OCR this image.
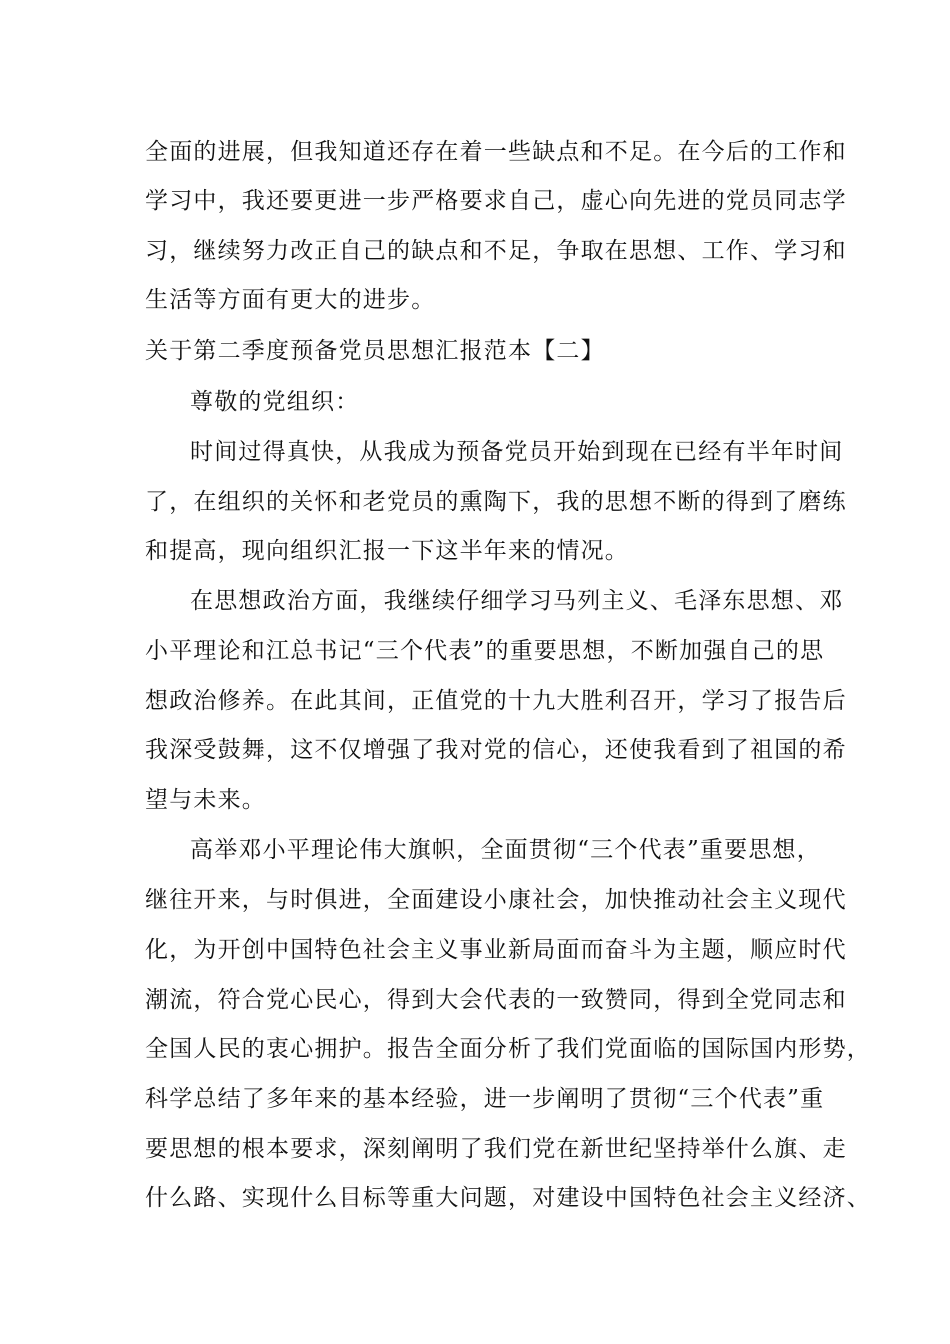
全面的进展，但我知道还存在着一些缺点和不足。在今后的工作和
学习中，我还要更进一步严格要求自己，虚心向先进的党员同志学
习，继续努力改正自己的缺点和不足，争取在思想、工作、学习和
生活等方面有更大的进步。
关于第二季度预备党员思想汇报范本【二】
尊敬的党组织：
时间过得真快，从我成为预备党员开始到现在已经有半年时间
了，在组织的关怀和老党员的熏陶下，我的思想不断的得到了磨练
和提高，现向组织汇报一下这半年来的情况。
在思想政治方面，我继续仔细学习马列主义、毛泽东思想、邓
小平理论和江总书记“三个代表”的重要思想，不断加强自己的思
想政治修养。在此其间，正值党的十九大胜利召开，学习了报告后
我深受鼓舞，这不仅增强了我对党的信心，还使我看到了祖国的希
望与未来。
高举邓小平理论伟大旗帜，全面贯彻“三个代表”重要思想，
继往开来，与时俱进，全面建设小康社会，加快推动社会主义现代
化，为开创中国特色社会主义事业新局面而奋斗为主题，顺应时代
潮流，符合党心民心，得到大会代表的一致赞同，得到全党同志和
全国人民的衷心拥护。报告全面分析了我们党面临的国际国内形势，
科学总结了多年来的基本经验，进一步阐明了贯彻“三个代表”重
要思想的根本要求，深刻阐明了我们党在新世纪坚持举什么旗、走
什么路、实现什么目标等重大问题，对建设中国特色社会主义经济、
